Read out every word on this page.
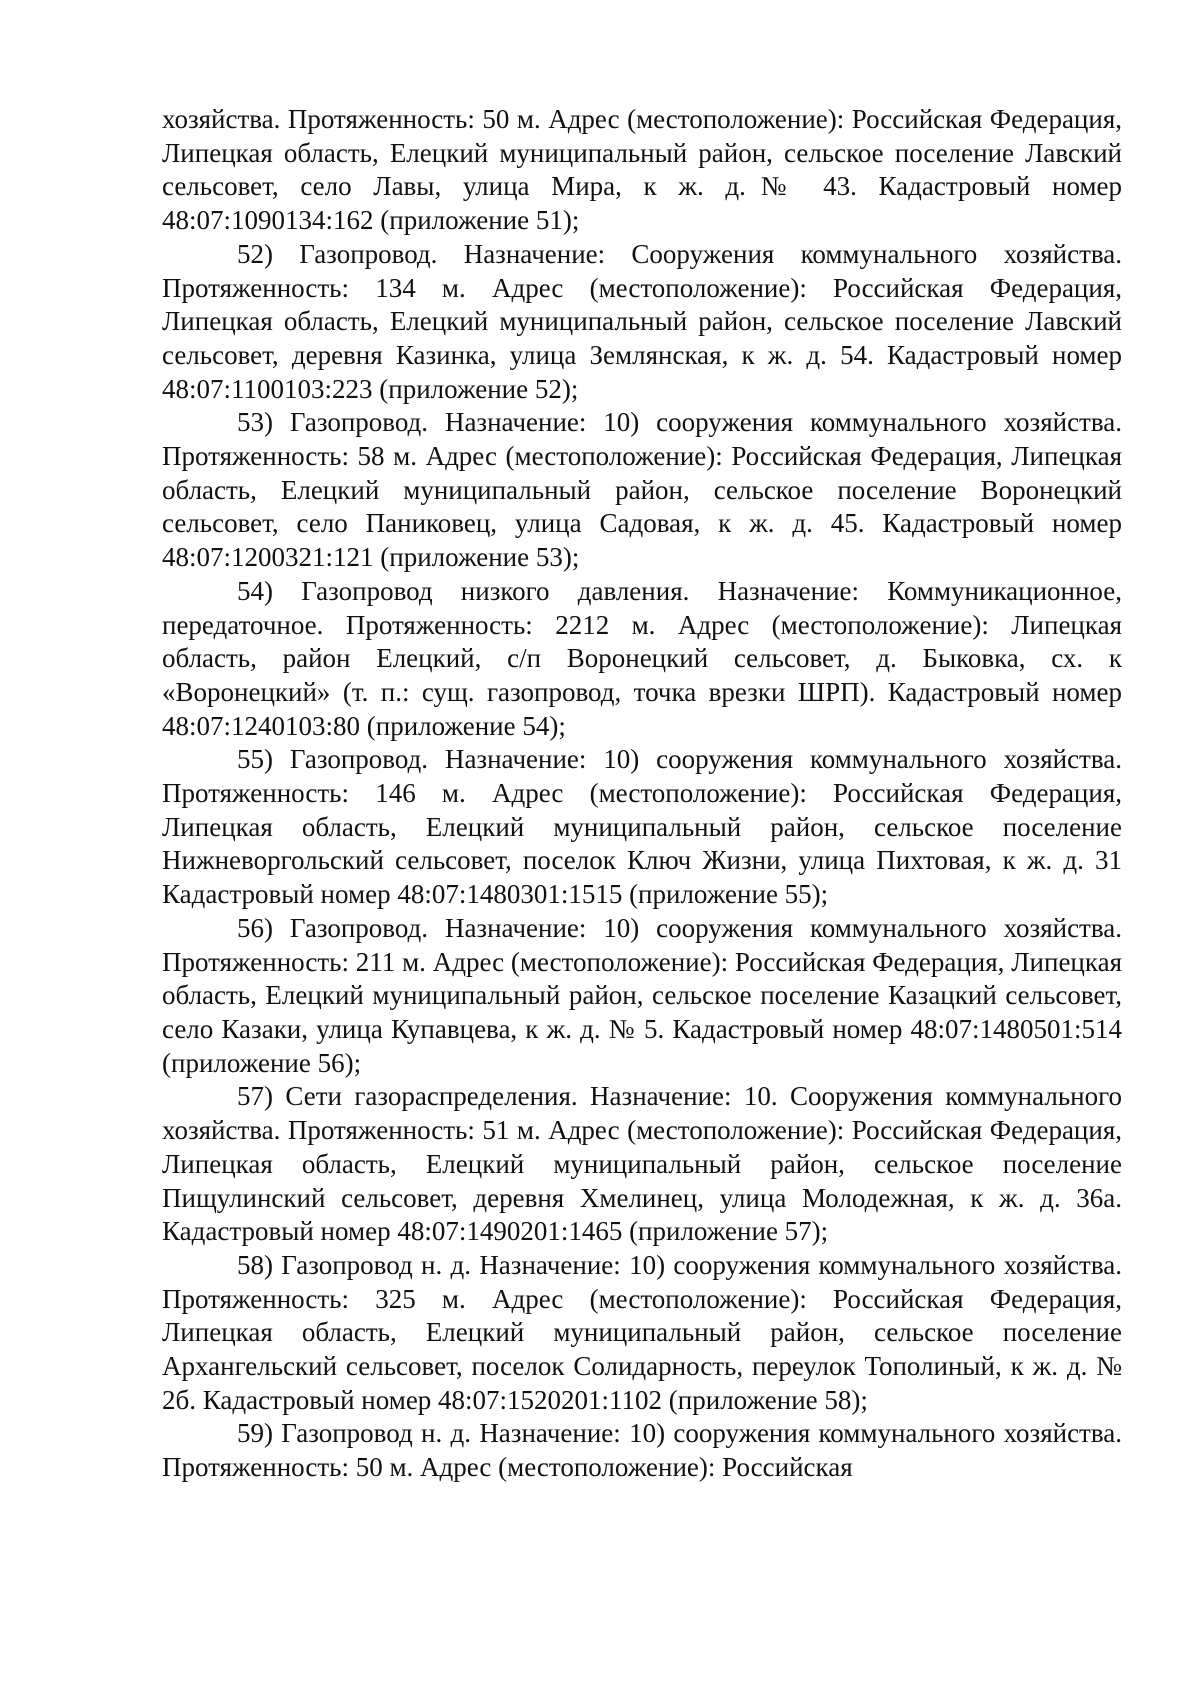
хозяйства. Протяженность: 50 м. Адрес (местоположение): Российская Федерация, Липецкая область, Елецкий муниципальный район, сельское поселение Лавский сельсовет, село Лавы, улица Мира, к ж. д.№ 43. Кадастровый номер 48:07:1090134:162 (приложение 51);

52) Газопровод. Назначение: Сооружения коммунального хозяйства. Протяженность: 134 м. Адрес (местоположение): Российская Федерация, Липецкая область, Елецкий муниципальный район, сельское поселение Лавский сельсовет, деревня Казинка, улица Землянская, к ж. д. 54. Кадастровый номер 48:07:1100103:223 (приложение 52);

53) Газопровод. Назначение: 10) сооружения коммунального хозяйства. Протяженность: 58 м. Адрес (местоположение): Российская Федерация, Липецкая область, Елецкий муниципальный район, сельское поселение Воронецкий сельсовет, село Паниковец, улица Садовая, к ж. д. 45. Кадастровый номер 48:07:1200321:121 (приложение 53);

54) Газопровод низкого давления. Назначение: Коммуникационное, передаточное. Протяженность: 2212 м. Адрес (местоположение): Липецкая область, район Елецкий, с/п Воронецкий сельсовет, д. Быковка, сх. к «Воронецкий» (т. п.: сущ. газопровод, точка врезки ШРП). Кадастровый номер 48:07:1240103:80 (приложение 54);

55) Газопровод. Назначение: 10) сооружения коммунального хозяйства. Протяженность: 146 м. Адрес (местоположение): Российская Федерация, Липецкая область, Елецкий муниципальный район, сельское поселение Нижневоргольский сельсовет, поселок Ключ Жизни, улица Пихтовая, к ж. д. 31 Кадастровый номер 48:07:1480301:1515 (приложение 55);

56) Газопровод. Назначение: 10) сооружения коммунального хозяйства. Протяженность: 211 м. Адрес (местоположение): Российская Федерация, Липецкая область, Елецкий муниципальный район, сельское поселение Казацкий сельсовет, село Казаки, улица Купавцева, к ж. д. № 5. Кадастровый номер 48:07:1480501:514 (приложение 56);

57) Сети газораспределения. Назначение: 10. Сооружения коммунального хозяйства. Протяженность: 51 м. Адрес (местоположение): Российская Федерация, Липецкая область, Елецкий муниципальный район, сельское поселение Пищулинский сельсовет, деревня Хмелинец, улица Молодежная, к ж. д. 36а. Кадастровый номер 48:07:1490201:1465 (приложение 57);

58) Газопровод н. д. Назначение: 10) сооружения коммунального хозяйства. Протяженность: 325 м. Адрес (местоположение): Российская Федерация, Липецкая область, Елецкий муниципальный район, сельское поселение Архангельский сельсовет, поселок Солидарность, переулок Тополиный, к ж. д. № 2б. Кадастровый номер 48:07:1520201:1102 (приложение 58);

59) Газопровод н. д. Назначение: 10) сооружения коммунального хозяйства. Протяженность: 50 м. Адрес (местоположение): Российская
